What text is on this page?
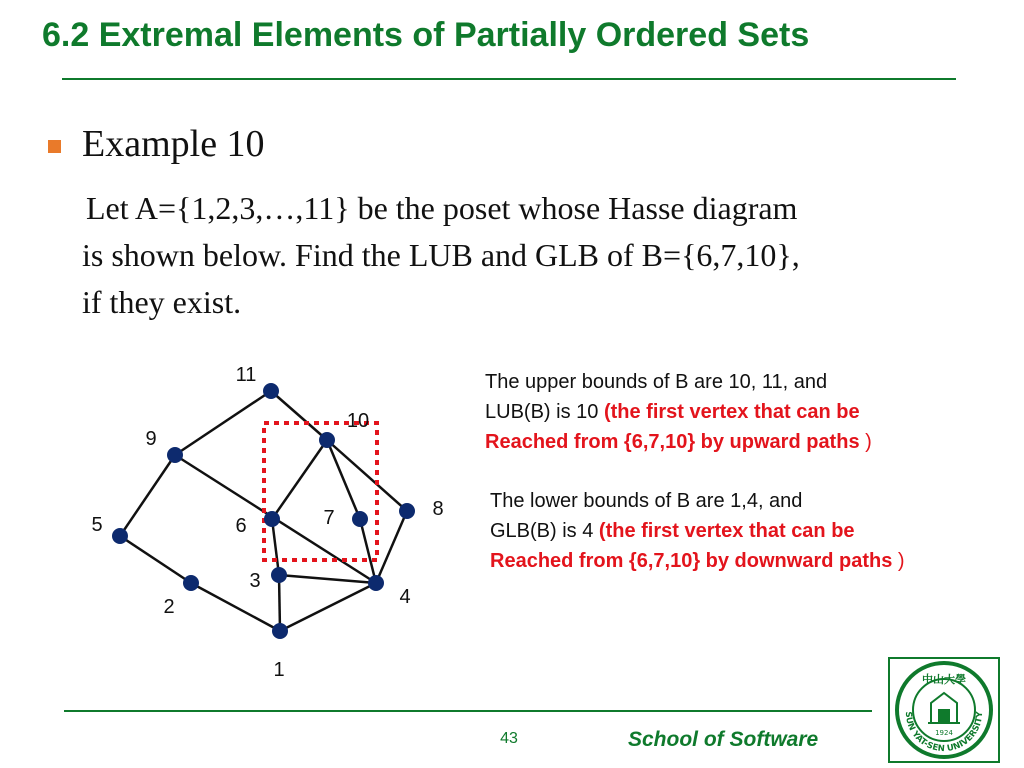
6.2 Extremal Elements of Partially Ordered Sets
Example 10
Let A={1,2,3,…,11} be the poset whose Hasse diagram
is shown below. Find the LUB and GLB of B={6,7,10},
if they exist.
1
2
3
4
5	6	7	8
9
10
11	The upper bounds of B are 10, 11, and
LUB(B) is 10 (the first vertex that can be
Reached from {6,7,10} by upward paths )
The lower bounds of B are 1,4, and
GLB(B) is 4 (the first vertex that can be
Reached from {6,7,10} by downward paths )
43	School of Software
SUN YAT-SEN UNIVERSITY
中山大學
1924
